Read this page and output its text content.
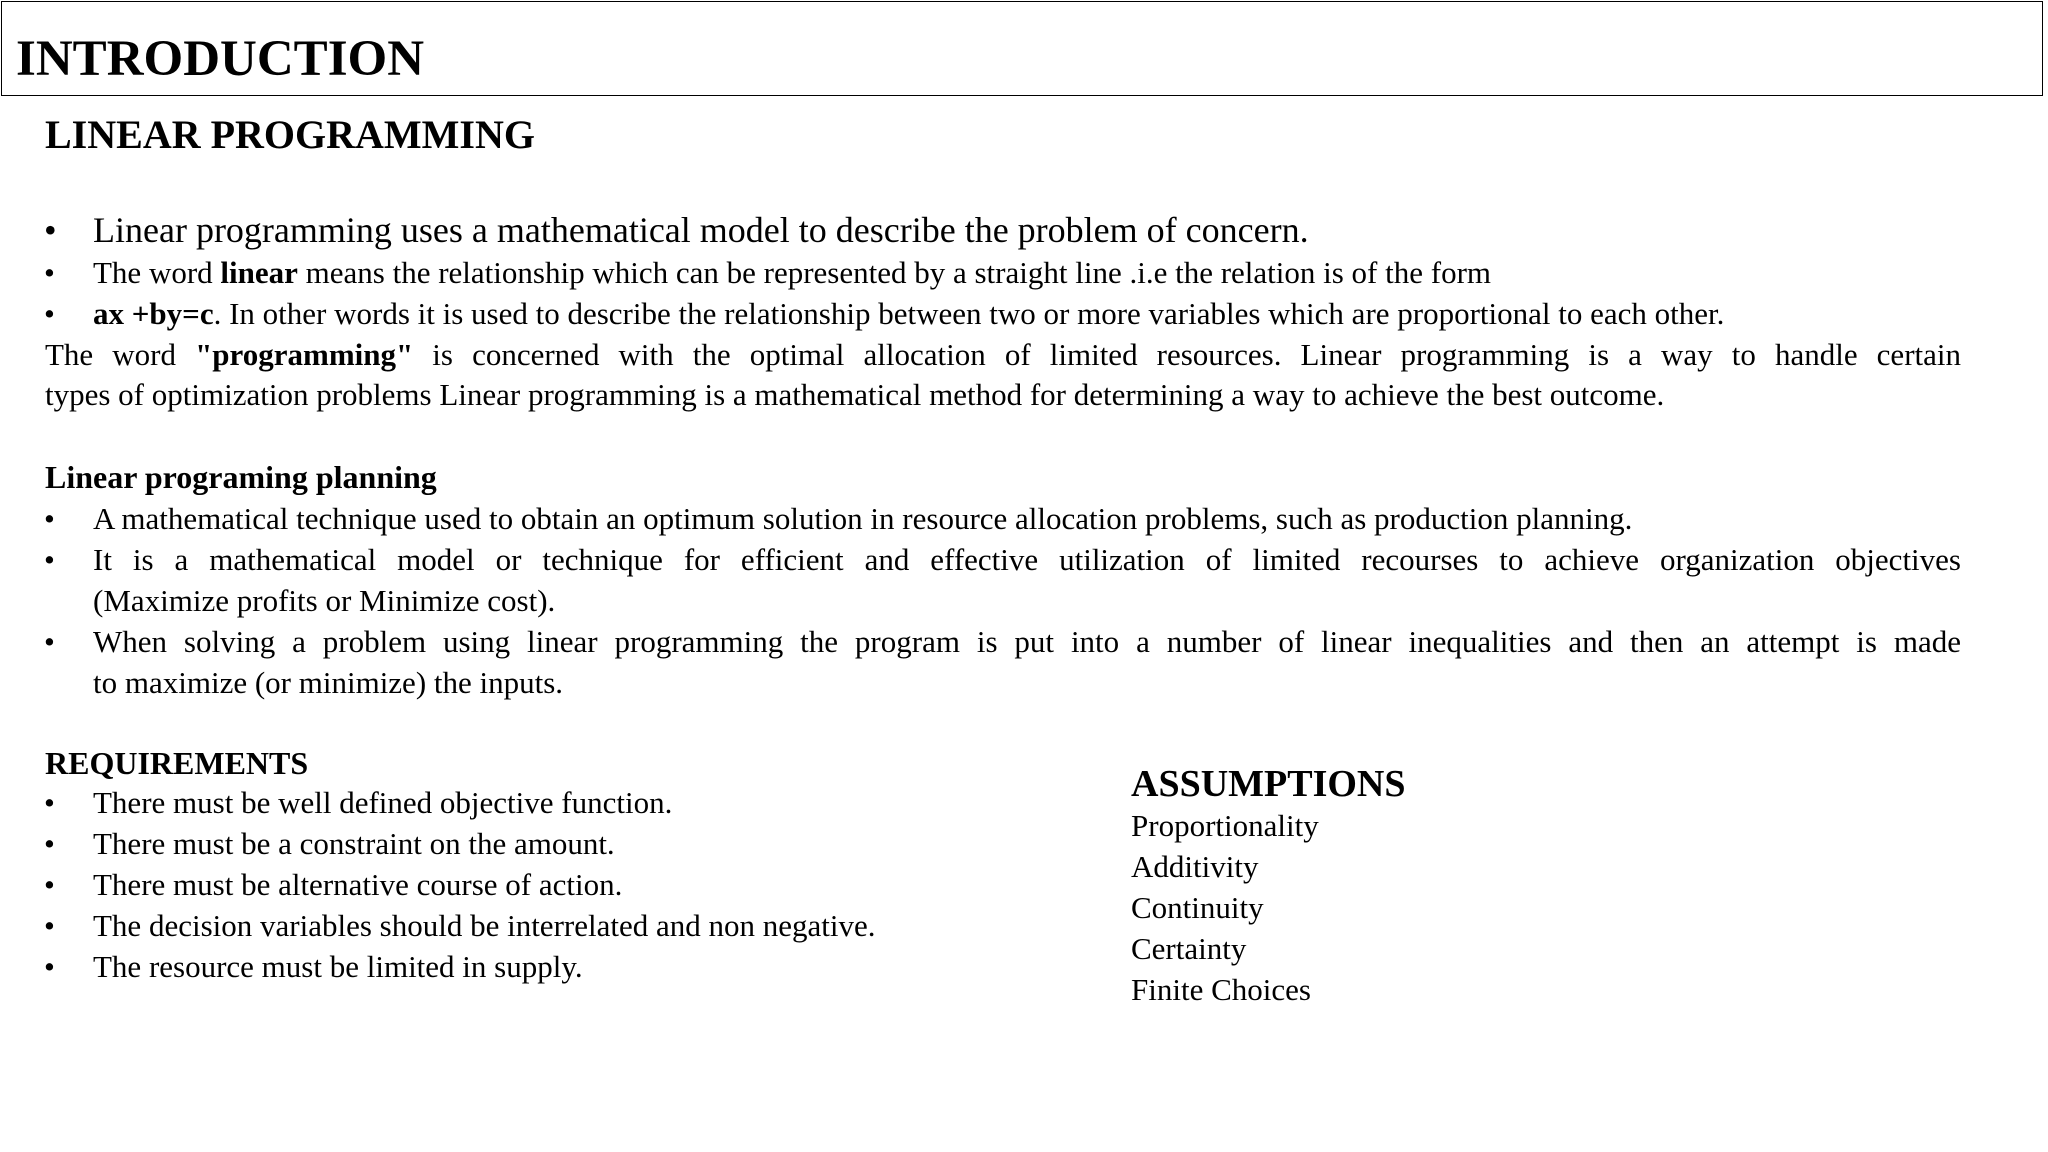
INTRODUCTION
LINEAR PROGRAMMING
• Linear programming uses a mathematical model to describe the problem of concern.
• The word linear means the relationship which can be represented by a straight line .i.e the relation is of the form
• ax +by=c. In other words it is used to describe the relationship between two or more variables which are proportional to each other.
The word "programming" is concerned with the optimal allocation of limited resources. Linear programming is a way to handle certain
types of optimization problems Linear programming is a mathematical method for determining a way to achieve the best outcome.
Linear programing planning
• A mathematical technique used to obtain an optimum solution in resource allocation problems, such as production planning.
• It is a mathematical model or technique for efficient and effective utilization of limited recourses to achieve organization objectives
(Maximize profits or Minimize cost).
• When solving a problem using linear programming the program is put into a number of linear inequalities and then an attempt is made
to maximize (or minimize) the inputs.
REQUIREMENTS
• There must be well defined objective function.
• There must be a constraint on the amount.
• There must be alternative course of action.
• The decision variables should be interrelated and non negative.
• The resource must be limited in supply.
ASSUMPTIONS
Proportionality
Additivity
Continuity
Certainty
Finite Choices
